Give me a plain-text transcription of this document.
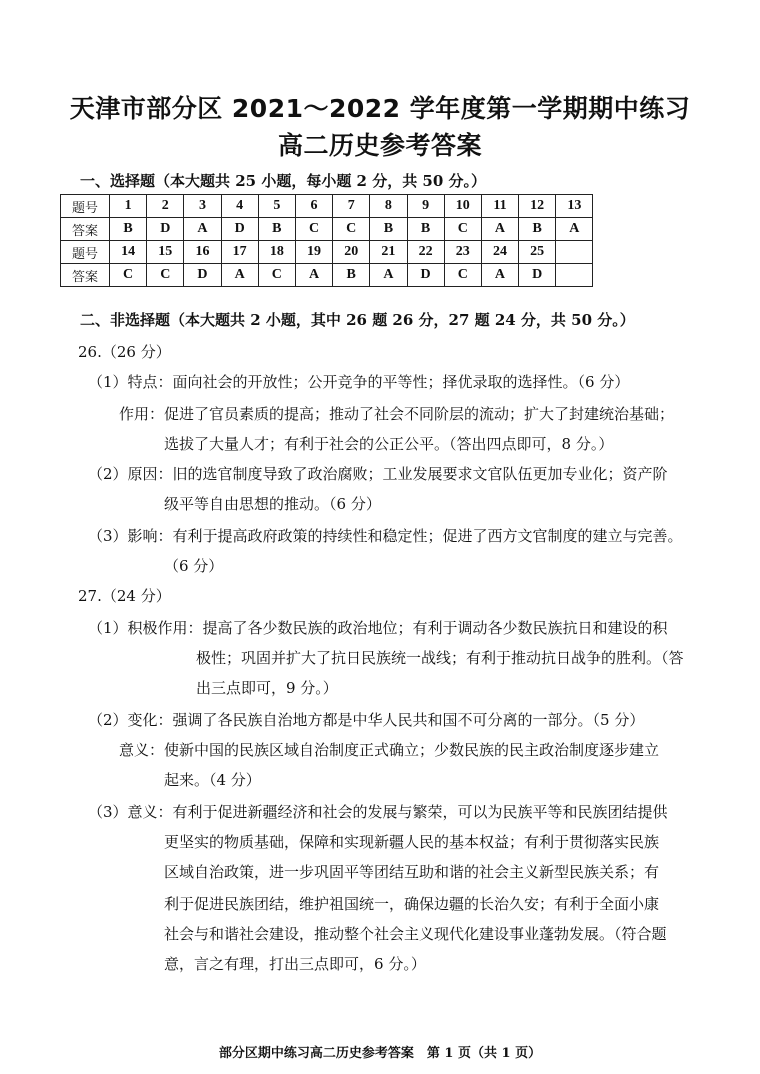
天津市部分区 2021～2022 学年度第一学期期中练习
高二历史参考答案
一、选择题（本大题共 25 小题，每小题 2 分，共 50 分。）
题号	1	2	3	4	5	6	7	8	9	10	11	12	13
答案	B	D	A	D	B	C	C	B	B	C	A	B	A
题号	14	15	16	17	18	19	20	21	22	23	24	25	
答案	C	C	D	A	C	A	B	A	D	C	A	D	
二、非选择题（本大题共 2 小题，其中 26 题 26 分，27 题 24 分，共 50 分。）
26.（26 分）
（1）特点：面向社会的开放性；公开竞争的平等性；择优录取的选择性。（6 分）
作用：促进了官员素质的提高；推动了社会不同阶层的流动；扩大了封建统治基础；
选拔了大量人才；有利于社会的公正公平。（答出四点即可，8 分。）
（2）原因：旧的选官制度导致了政治腐败；工业发展要求文官队伍更加专业化；资产阶
级平等自由思想的推动。（6 分）
（3）影响：有利于提高政府政策的持续性和稳定性；促进了西方文官制度的建立与完善。
（6 分）
27.（24 分）
（1）积极作用：提高了各少数民族的政治地位；有利于调动各少数民族抗日和建设的积
极性；巩固并扩大了抗日民族统一战线；有利于推动抗日战争的胜利。（答
出三点即可，9 分。）
（2）变化：强调了各民族自治地方都是中华人民共和国不可分离的一部分。（5 分）
意义：使新中国的民族区域自治制度正式确立；少数民族的民主政治制度逐步建立
起来。（4 分）
（3）意义：有利于促进新疆经济和社会的发展与繁荣，可以为民族平等和民族团结提供
更坚实的物质基础，保障和实现新疆人民的基本权益；有利于贯彻落实民族
区域自治政策，进一步巩固平等团结互助和谐的社会主义新型民族关系；有
利于促进民族团结，维护祖国统一，确保边疆的长治久安；有利于全面小康
社会与和谐社会建设，推动整个社会主义现代化建设事业蓬勃发展。（符合题
意，言之有理，打出三点即可，6 分。）
部分区期中练习高二历史参考答案　第 1 页（共 1 页）
